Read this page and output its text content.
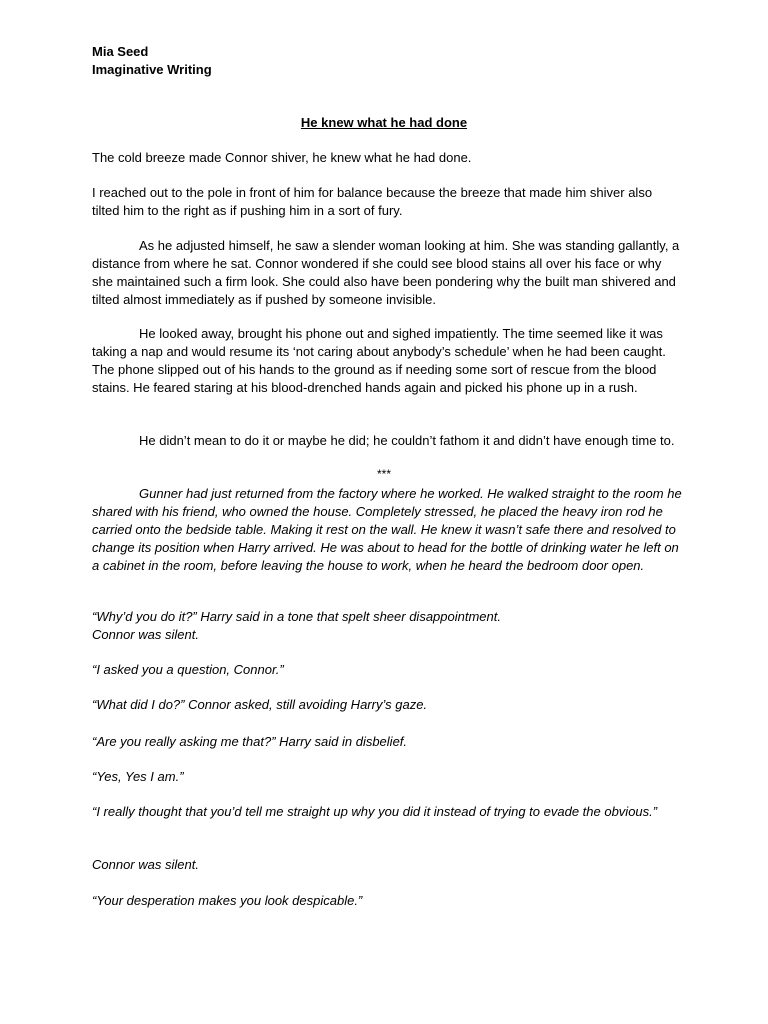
Mia Seed
Imaginative Writing
He knew what he had done

The cold breeze made Connor shiver, he knew what he had done.

I reached out to the pole in front of him for balance because the breeze that made him shiver also tilted him to the right as if pushing him in a sort of fury.

As he adjusted himself, he saw a slender woman looking at him. She was standing gallantly, a distance from where he sat. Connor wondered if she could see blood stains all over his face or why she maintained such a firm look. She could also have been pondering why the built man shivered and tilted almost immediately as if pushed by someone invisible.

He looked away, brought his phone out and sighed impatiently. The time seemed like it was taking a nap and would resume its ‘not caring about anybody’s schedule’ when he had been caught. The phone slipped out of his hands to the ground as if needing some sort of rescue from the blood stains. He feared staring at his blood-drenched hands again and picked his phone up in a rush.

He didn’t mean to do it or maybe he did; he couldn’t fathom it and didn’t have enough time to.

***

Gunner had just returned from the factory where he worked. He walked straight to the room he shared with his friend, who owned the house. Completely stressed, he placed the heavy iron rod he carried onto the bedside table. Making it rest on the wall. He knew it wasn’t safe there and resolved to change its position when Harry arrived. He was about to head for the bottle of drinking water he left on a cabinet in the room, before leaving the house to work, when he heard the bedroom door open.

“Why’d you do it?” Harry said in a tone that spelt sheer disappointment.

Connor was silent.

“I asked you a question, Connor.”

“What did I do?” Connor asked, still avoiding Harry’s gaze.

“Are you really asking me that?” Harry said in disbelief.

“Yes, Yes I am.”

“I really thought that you’d tell me straight up why you did it instead of trying to evade the obvious.”

Connor was silent.

“Your desperation makes you look despicable.”
